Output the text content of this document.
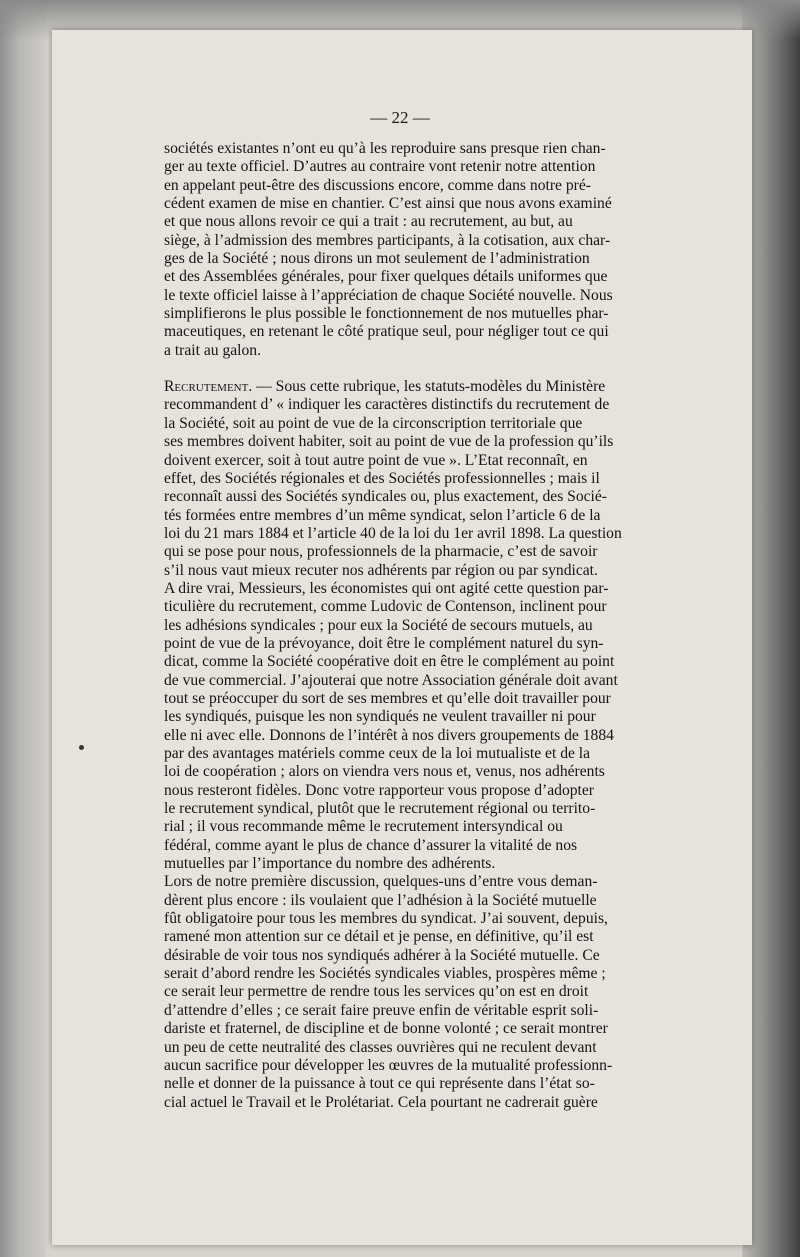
— 22 —

sociétés existantes n’ont eu qu’à les reproduire sans presque rien chan-
ger au texte officiel. D’autres au contraire vont retenir notre attention
en appelant peut-être des discussions encore, comme dans notre pré-
cédent examen de mise en chantier. C’est ainsi que nous avons examiné
et que nous allons revoir ce qui a trait : au recrutement, au but, au
siège, à l’admission des membres participants, à la cotisation, aux char-
ges de la Société ; nous dirons un mot seulement de l’administration
et des Assemblées générales, pour fixer quelques détails uniformes que
le texte officiel laisse à l’appréciation de chaque Société nouvelle. Nous
simplifierons le plus possible le fonctionnement de nos mutuelles phar-
maceutiques, en retenant le côté pratique seul, pour négliger tout ce qui
a trait au galon.

Recrutement. — Sous cette rubrique, les statuts-modèles du Ministère
recommandent d’ « indiquer les caractères distinctifs du recrutement de
la Société, soit au point de vue de la circonscription territoriale que
ses membres doivent habiter, soit au point de vue de la profession qu’ils
doivent exercer, soit à tout autre point de vue ». L’Etat reconnaît, en
effet, des Sociétés régionales et des Sociétés professionnelles ; mais il
reconnaît aussi des Sociétés syndicales ou, plus exactement, des Socié-
tés formées entre membres d’un même syndicat, selon l’article 6 de la
loi du 21 mars 1884 et l’article 40 de la loi du 1er avril 1898. La question
qui se pose pour nous, professionnels de la pharmacie, c’est de savoir
s’il nous vaut mieux recuter nos adhérents par région ou par syndicat.
A dire vrai, Messieurs, les économistes qui ont agité cette question par-
ticulière du recrutement, comme Ludovic de Contenson, inclinent pour
les adhésions syndicales ; pour eux la Société de secours mutuels, au
point de vue de la prévoyance, doit être le complément naturel du syn-
dicat, comme la Société coopérative doit en être le complément au point
de vue commercial. J’ajouterai que notre Association générale doit avant
tout se préoccuper du sort de ses membres et qu’elle doit travailler pour
les syndiqués, puisque les non syndiqués ne veulent travailler ni pour
elle ni avec elle. Donnons de l’intérêt à nos divers groupements de 1884
par des avantages matériels comme ceux de la loi mutualiste et de la
loi de coopération ; alors on viendra vers nous et, venus, nos adhérents
nous resteront fidèles. Donc votre rapporteur vous propose d’adopter
le recrutement syndical, plutôt que le recrutement régional ou territo-
rial ; il vous recommande même le recrutement intersyndical ou
fédéral, comme ayant le plus de chance d’assurer la vitalité de nos
mutuelles par l’importance du nombre des adhérents.

Lors de notre première discussion, quelques-uns d’entre vous deman-
dèrent plus encore : ils voulaient que l’adhésion à la Société mutuelle
fût obligatoire pour tous les membres du syndicat. J’ai souvent, depuis,
ramené mon attention sur ce détail et je pense, en définitive, qu’il est
désirable de voir tous nos syndiqués adhérer à la Société mutuelle. Ce
serait d’abord rendre les Sociétés syndicales viables, prospères même ;
ce serait leur permettre de rendre tous les services qu’on est en droit
d’attendre d’elles ; ce serait faire preuve enfin de véritable esprit soli-
dariste et fraternel, de discipline et de bonne volonté ; ce serait montrer
un peu de cette neutralité des classes ouvrières qui ne reculent devant
aucun sacrifice pour développer les œuvres de la mutualité professionn-
nelle et donner de la puissance à tout ce qui représente dans l’état so-
cial actuel le Travail et le Prolétariat. Cela pourtant ne cadrerait guère
